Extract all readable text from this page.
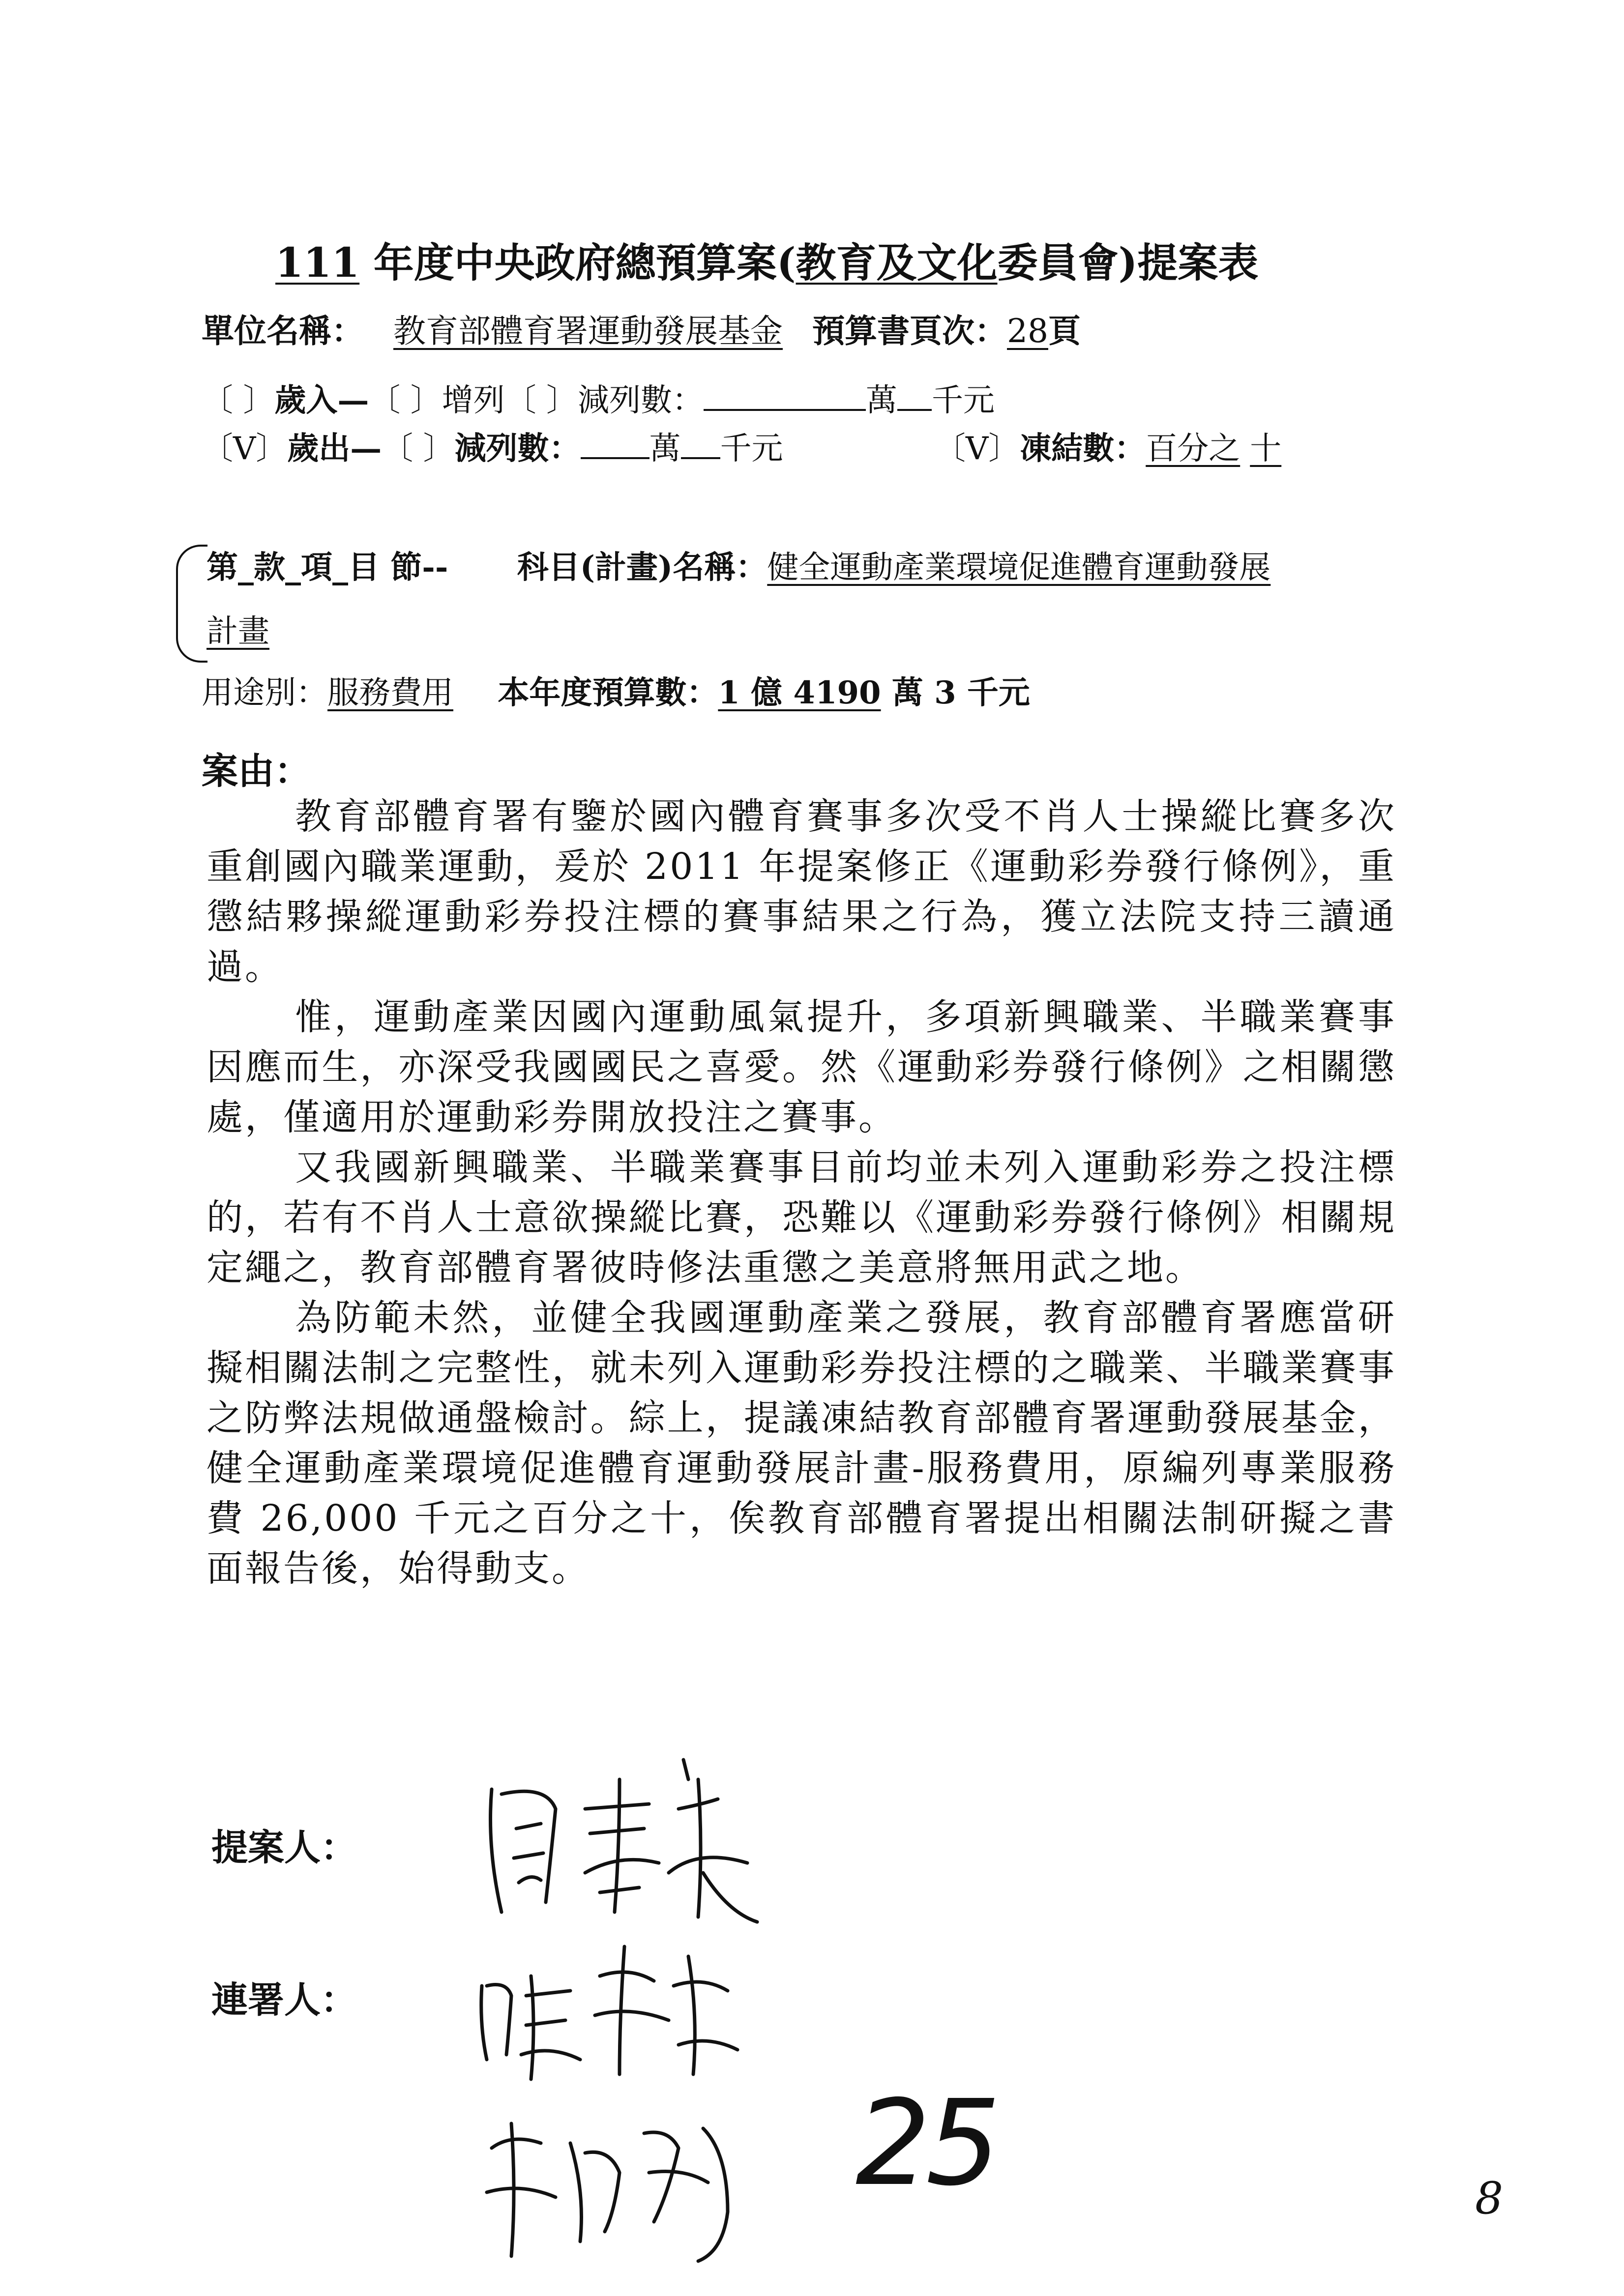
111 年度中央政府總預算案(教育及文化委員會)提案表
單位名稱： 教育部體育署運動發展基金 預算書頁次：28頁
〔 〕歲入—〔 〕增列〔 〕減列數：	萬 千元
〔V〕歲出—〔 〕減列數： 萬 千元	〔V〕凍結數：百分之 十
第_款_項_目 節-- 科目(計畫)名稱：健全運動產業環境促進體育運動發展
計畫
用途別：服務費用 本年度預算數：1 億 4190 萬 3 千元
案由：

教育部體育署有鑒於國內體育賽事多次受不肖人士操縱比賽多次重創國內職業運動，爰於 2011 年提案修正《運動彩券發行條例》，重懲結夥操縱運動彩券投注標的賽事結果之行為，獲立法院支持三讀通過。

惟，運動產業因國內運動風氣提升，多項新興職業、半職業賽事因應而生，亦深受我國國民之喜愛。然《運動彩券發行條例》之相關懲處，僅適用於運動彩券開放投注之賽事。

又我國新興職業、半職業賽事目前均並未列入運動彩券之投注標的，若有不肖人士意欲操縱比賽，恐難以《運動彩券發行條例》相關規定繩之，教育部體育署彼時修法重懲之美意將無用武之地。

為防範未然，並健全我國運動產業之發展，教育部體育署應當研擬相關法制之完整性，就未列入運動彩券投注標的之職業、半職業賽事之防弊法規做通盤檢討。綜上，提議凍結教育部體育署運動發展基金，健全運動產業環境促進體育運動發展計畫-服務費用，原編列專業服務費 26,000 千元之百分之十，俟教育部體育署提出相關法制研擬之書面報告後，始得動支。

提案人：
連署人：
25	8
